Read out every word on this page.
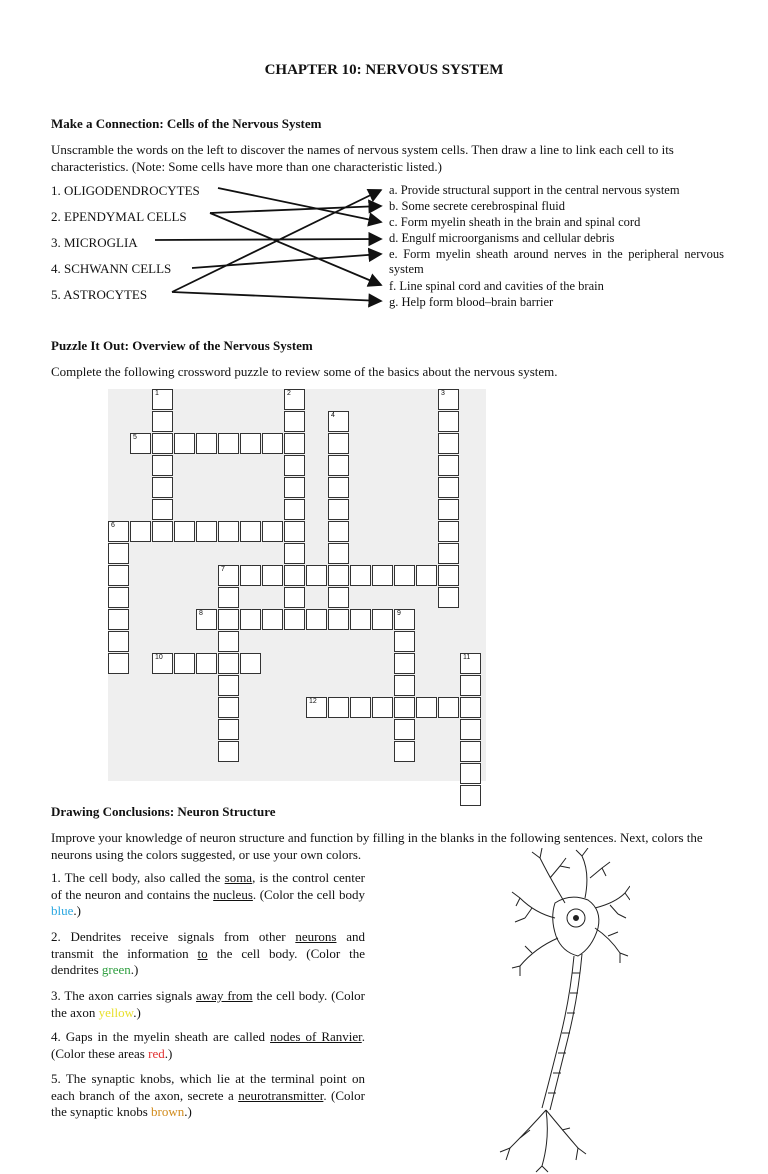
CHAPTER 10: NERVOUS SYSTEM
Make a Connection: Cells of the Nervous System
Unscramble the words on the left to discover the names of nervous system cells. Then draw a line to link each cell to its characteristics. (Note: Some cells have more than one characteristic listed.)
1. OLIGODENDROCYTES
2. EPENDYMAL CELLS
3. MICROGLIA
4. SCHWANN CELLS
5. ASTROCYTES
a. Provide structural support in the central nervous system
b. Some secrete cerebrospinal fluid
c. Form myelin sheath in the brain and spinal cord
d. Engulf microorganisms and cellular debris
e. Form myelin sheath around nerves in the peripheral nervous system
f. Line spinal cord and cavities of the brain
g. Help form blood–brain barrier
Puzzle It Out: Overview of the Nervous System
Complete the following crossword puzzle to review some of the basics about the nervous system.
1	2	3
4
5
6
7
8	9
10	11
12
Drawing Conclusions: Neuron Structure
Improve your knowledge of neuron structure and function by filling in the blanks in the following sentences. Next, colors the neurons using the colors suggested, or use your own colors.
1. The cell body, also called the soma, is the control center of the neuron and contains the nucleus. (Color the cell body blue.)
2. Dendrites receive signals from other neurons and transmit the information to the cell body. (Color the dendrites green.)
3. The axon carries signals away from the cell body. (Color the axon yellow.)
4. Gaps in the myelin sheath are called nodes of Ranvier. (Color these areas red.)
5. The synaptic knobs, which lie at the terminal point on each branch of the axon, secrete a neurotransmitter. (Color the synaptic knobs brown.)
